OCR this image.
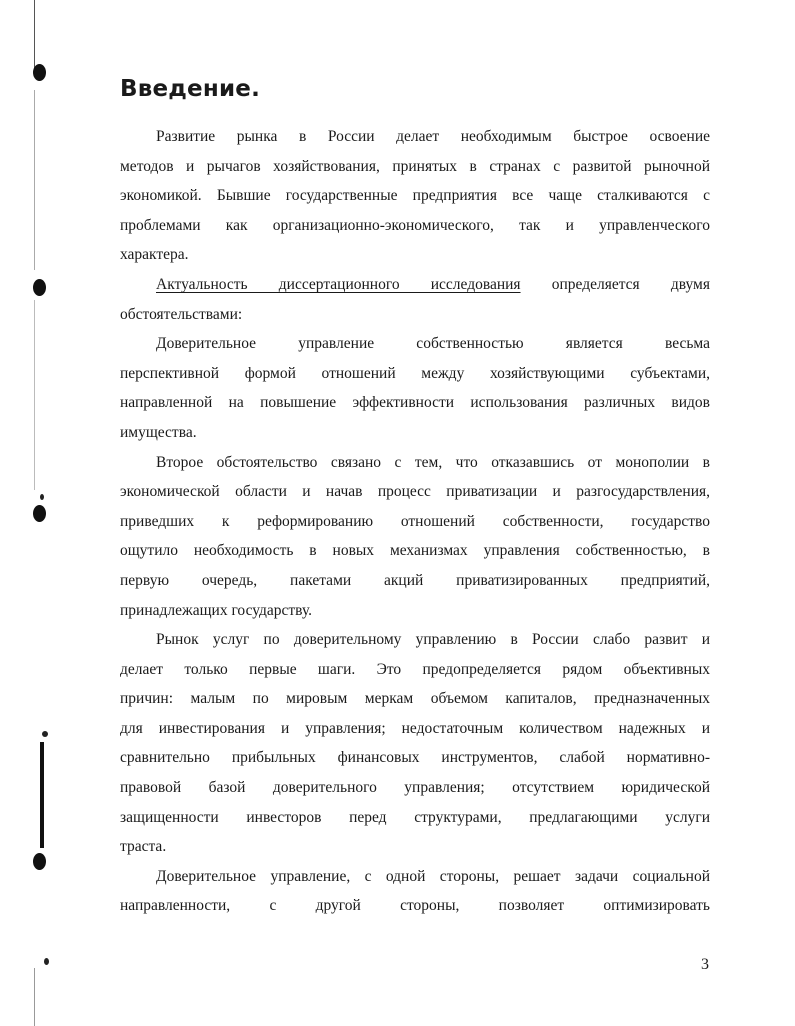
Введение.
Развитие рынка в России делает необходимым быстрое освоение
методов и рычагов хозяйствования, принятых в странах с развитой рыночной
экономикой. Бывшие государственные предприятия все чаще сталкиваются с
проблемами как организационно-экономического, так и управленческого
характера.
Актуальность диссертационного исследования определяется двумя
обстоятельствами:
Доверительное управление собственностью является весьма
перспективной формой отношений между хозяйствующими субъектами,
направленной на повышение эффективности использования различных видов
имущества.
Второе обстоятельство связано с тем, что отказавшись от монополии в
экономической области и начав процесс приватизации и разгосударствления,
приведших к реформированию отношений собственности, государство
ощутило необходимость в новых механизмах управления собственностью, в
первую очередь, пакетами акций приватизированных предприятий,
принадлежащих государству.
Рынок услуг по доверительному управлению в России слабо развит и
делает только первые шаги. Это предопределяется рядом объективных
причин: малым по мировым меркам объемом капиталов, предназначенных
для инвестирования и управления; недостаточным количеством надежных и
сравнительно прибыльных финансовых инструментов, слабой нормативно-
правовой базой доверительного управления; отсутствием юридической
защищенности инвесторов перед структурами, предлагающими услуги
траста.
Доверительное управление, с одной стороны, решает задачи социальной
направленности, с другой стороны, позволяет оптимизировать
3
